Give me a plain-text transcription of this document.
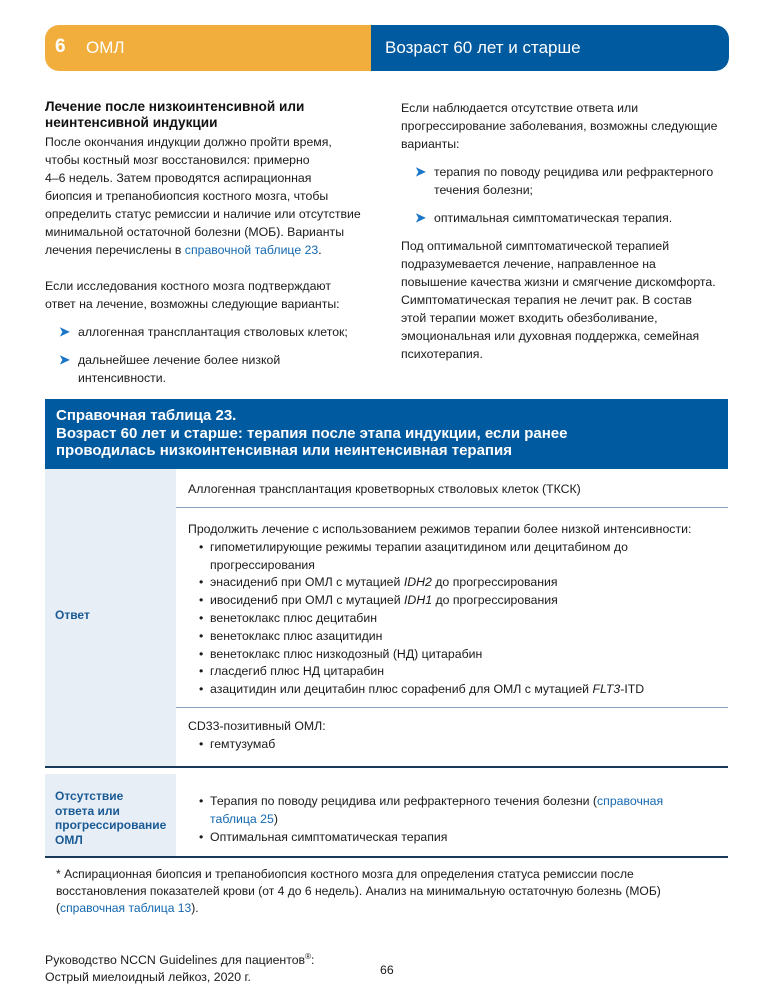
6 ОМЛ	Возраст 60 лет и старше
Лечение после низкоинтенсивной или
неинтенсивной индукции
После окончания индукции должно пройти время,
чтобы костный мозг восстановился: примерно
4–6 недель. Затем проводятся аспирационная
биопсия и трепанобиопсия костного мозга, чтобы
определить статус ремиссии и наличие или отсутствие
минимальной остаточной болезни (МОБ). Варианты
лечения перечислены в справочной таблице 23.
Если исследования костного мозга подтверждают
ответ на лечение, возможны следующие варианты:
➤ аллогенная трансплантация стволовых клеток;
➤ дальнейшее лечение более низкой
интенсивности.
Если наблюдается отсутствие ответа или
прогрессирование заболевания, возможны следующие
варианты:
➤ терапия по поводу рецидива или рефрактерного
течения болезни;
➤ оптимальная симптоматическая терапия.
Под оптимальной симптоматической терапией
подразумевается лечение, направленное на
повышение качества жизни и смягчение дискомфорта.
Симптоматическая терапия не лечит рак. В состав
этой терапии может входить обезболивание,
эмоциональная или духовная поддержка, семейная
психотерапия.
Справочная таблица 23.
Возраст 60 лет и старше: терапия после этапа индукции, если ранее
проводилась низкоинтенсивная или неинтенсивная терапия
Ответ
Аллогенная трансплантация кроветворных стволовых клеток (ТКСК)
Продолжить лечение с использованием режимов терапии более низкой интенсивности:
• гипометилирующие режимы терапии азацитидином или децитабином до
прогрессирования
• энасидениб при ОМЛ с мутацией IDH2 до прогрессирования
• ивосидениб при ОМЛ с мутацией IDH1 до прогрессирования
• венетоклакс плюс децитабин
• венетоклакс плюс азацитидин
• венетоклакс плюс низкодозный (НД) цитарабин
• гласдегиб плюс НД цитарабин
• азацитидин или децитабин плюс сорафениб для ОМЛ с мутацией FLT3-ITD
CD33-позитивный ОМЛ:
• гемтузумаб
Отсутствие
ответа или
прогрессирование
ОМЛ
• Терапия по поводу рецидива или рефрактерного течения болезни (справочная
таблица 25)
• Оптимальная симптоматическая терапия
* Аспирационная биопсия и трепанобиопсия костного мозга для определения статуса ремиссии после
восстановления показателей крови (от 4 до 6 недель). Анализ на минимальную остаточную болезнь (МОБ)
(справочная таблица 13).
Руководство NCCN Guidelines для пациентов®:
Острый миелоидный лейкоз, 2020 г.
66
